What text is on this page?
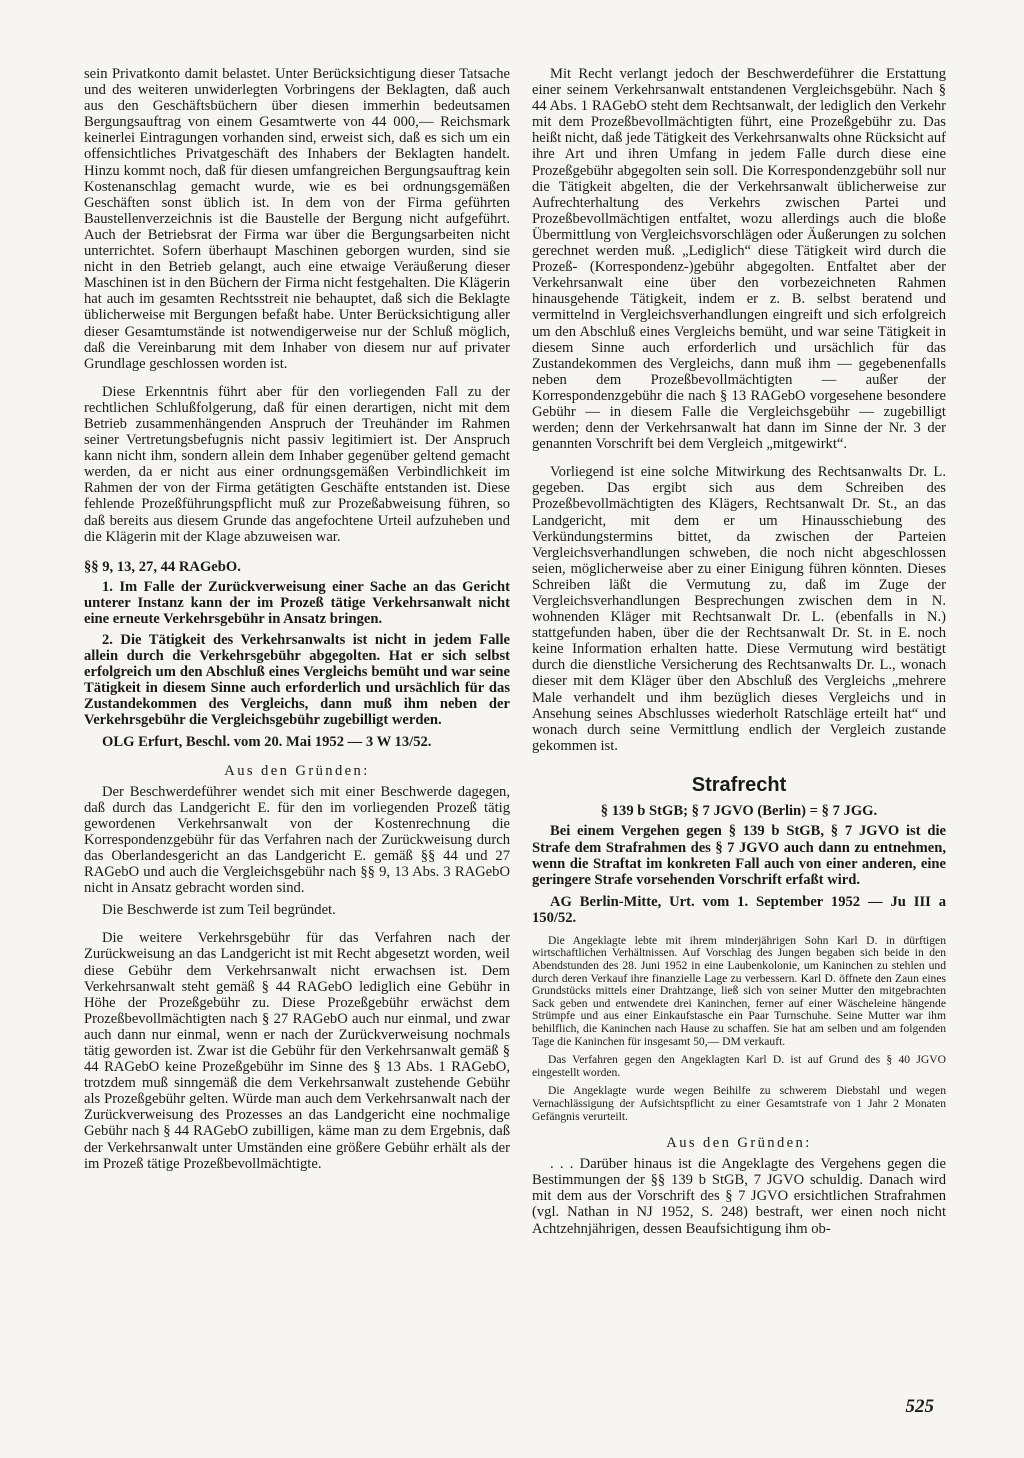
sein Privatkonto damit belastet. Unter Berücksichtigung dieser Tatsache und des weiteren unwiderlegten Vorbringens der Beklagten, daß auch aus den Geschäftsbüchern über diesen immerhin bedeutsamen Bergungsauftrag von einem Gesamtwerte von 44 000,— Reichsmark keinerlei Eintragungen vorhanden sind, erweist sich, daß es sich um ein offensichtliches Privatgeschäft des Inhabers der Beklagten handelt. Hinzu kommt noch, daß für diesen umfangreichen Bergungsauftrag kein Kostenanschlag gemacht wurde, wie es bei ordnungsgemäßen Geschäften sonst üblich ist. In dem von der Firma geführten Baustellenverzeichnis ist die Baustelle der Bergung nicht aufgeführt. Auch der Betriebsrat der Firma war über die Bergungsarbeiten nicht unterrichtet. Sofern überhaupt Maschinen geborgen wurden, sind sie nicht in den Betrieb gelangt, auch eine etwaige Veräußerung dieser Maschinen ist in den Büchern der Firma nicht festgehalten. Die Klägerin hat auch im gesamten Rechtsstreit nie behauptet, daß sich die Beklagte üblicherweise mit Bergungen befaßt habe. Unter Berücksichtigung aller dieser Gesamtumstände ist notwendigerweise nur der Schluß möglich, daß die Vereinbarung mit dem Inhaber von diesem nur auf privater Grundlage geschlossen worden ist.

Diese Erkenntnis führt aber für den vorliegenden Fall zu der rechtlichen Schlußfolgerung, daß für einen derartigen, nicht mit dem Betrieb zusammenhängenden Anspruch der Treuhänder im Rahmen seiner Vertretungsbefugnis nicht passiv legitimiert ist. Der Anspruch kann nicht ihm, sondern allein dem Inhaber gegenüber geltend gemacht werden, da er nicht aus einer ordnungsgemäßen Verbindlichkeit im Rahmen der von der Firma getätigten Geschäfte entstanden ist. Diese fehlende Prozeßführungspflicht muß zur Prozeßabweisung führen, so daß bereits aus diesem Grunde das angefochtene Urteil aufzuheben und die Klägerin mit der Klage abzuweisen war.

§§ 9, 13, 27, 44 RAGebO.

1. Im Falle der Zurückverweisung einer Sache an das Gericht unterer Instanz kann der im Prozeß tätige Verkehrsanwalt nicht eine erneute Verkehrsgebühr in Ansatz bringen.

2. Die Tätigkeit des Verkehrsanwalts ist nicht in jedem Falle allein durch die Verkehrsgebühr abgegolten. Hat er sich selbst erfolgreich um den Abschluß eines Vergleichs bemüht und war seine Tätigkeit in diesem Sinne auch erforderlich und ursächlich für das Zustandekommen des Vergleichs, dann muß ihm neben der Verkehrsgebühr die Vergleichsgebühr zugebilligt werden.

OLG Erfurt, Beschl. vom 20. Mai 1952 — 3 W 13/52.

Aus den Gründen:

Der Beschwerdeführer wendet sich mit einer Beschwerde dagegen, daß durch das Landgericht E. für den im vorliegenden Prozeß tätig gewordenen Verkehrsanwalt von der Kostenrechnung die Korrespondenzgebühr für das Verfahren nach der Zurückweisung durch das Oberlandesgericht an das Landgericht E. gemäß §§ 44 und 27 RAGebO und auch die Vergleichsgebühr nach §§ 9, 13 Abs. 3 RAGebO nicht in Ansatz gebracht worden sind.

Die Beschwerde ist zum Teil begründet.

Die weitere Verkehrsgebühr für das Verfahren nach der Zurückweisung an das Landgericht ist mit Recht abgesetzt worden, weil diese Gebühr dem Verkehrsanwalt nicht erwachsen ist. Dem Verkehrsanwalt steht gemäß § 44 RAGebO lediglich eine Gebühr in Höhe der Prozeßgebühr zu. Diese Prozeßgebühr erwächst dem Prozeßbevollmächtigten nach § 27 RAGebO auch nur einmal, und zwar auch dann nur einmal, wenn er nach der Zurückverweisung nochmals tätig geworden ist. Zwar ist die Gebühr für den Verkehrsanwalt gemäß § 44 RAGebO keine Prozeßgebühr im Sinne des § 13 Abs. 1 RAGebO, trotzdem muß sinngemäß die dem Verkehrsanwalt zustehende Gebühr als Prozeßgebühr gelten. Würde man auch dem Verkehrsanwalt nach der Zurückverweisung des Prozesses an das Landgericht eine nochmalige Gebühr nach § 44 RAGebO zubilligen, käme man zu dem Ergebnis, daß der Verkehrsanwalt unter Umständen eine größere Gebühr erhält als der im Prozeß tätige Prozeßbevollmächtigte.

Mit Recht verlangt jedoch der Beschwerdeführer die Erstattung einer seinem Verkehrsanwalt entstandenen Vergleichsgebühr. Nach § 44 Abs. 1 RAGebO steht dem Rechtsanwalt, der lediglich den Verkehr mit dem Prozeßbevollmächtigten führt, eine Prozeßgebühr zu. Das heißt nicht, daß jede Tätigkeit des Verkehrsanwalts ohne Rücksicht auf ihre Art und ihren Umfang in jedem Falle durch diese eine Prozeßgebühr abgegolten sein soll. Die Korrespondenzgebühr soll nur die Tätigkeit abgelten, die der Verkehrsanwalt üblicherweise zur Aufrechterhaltung des Verkehrs zwischen Partei und Prozeßbevollmächtigen entfaltet, wozu allerdings auch die bloße Übermittlung von Vergleichsvorschlägen oder Äußerungen zu solchen gerechnet werden muß. „Lediglich“ diese Tätigkeit wird durch die Prozeß- (Korrespondenz-)gebühr abgegolten. Entfaltet aber der Verkehrsanwalt eine über den vorbezeichneten Rahmen hinausgehende Tätigkeit, indem er z. B. selbst beratend und vermittelnd in Vergleichsverhandlungen eingreift und sich erfolgreich um den Abschluß eines Vergleichs bemüht, und war seine Tätigkeit in diesem Sinne auch erforderlich und ursächlich für das Zustandekommen des Vergleichs, dann muß ihm — gegebenenfalls neben dem Prozeßbevollmächtigten — außer der Korrespondenzgebühr die nach § 13 RAGebO vorgesehene besondere Gebühr — in diesem Falle die Vergleichsgebühr — zugebilligt werden; denn der Verkehrsanwalt hat dann im Sinne der Nr. 3 der genannten Vorschrift bei dem Vergleich „mitgewirkt“.

Vorliegend ist eine solche Mitwirkung des Rechtsanwalts Dr. L. gegeben. Das ergibt sich aus dem Schreiben des Prozeßbevollmächtigten des Klägers, Rechtsanwalt Dr. St., an das Landgericht, mit dem er um Hinausschiebung des Verkündungstermins bittet, da zwischen der Parteien Vergleichsverhandlungen schweben, die noch nicht abgeschlossen seien, möglicherweise aber zu einer Einigung führen könnten. Dieses Schreiben läßt die Vermutung zu, daß im Zuge der Vergleichsverhandlungen Besprechungen zwischen dem in N. wohnenden Kläger mit Rechtsanwalt Dr. L. (ebenfalls in N.) stattgefunden haben, über die der Rechtsanwalt Dr. St. in E. noch keine Information erhalten hatte. Diese Vermutung wird bestätigt durch die dienstliche Versicherung des Rechtsanwalts Dr. L., wonach dieser mit dem Kläger über den Abschluß des Vergleichs „mehrere Male verhandelt und ihm bezüglich dieses Vergleichs und in Ansehung seines Abschlusses wiederholt Ratschläge erteilt hat“ und wonach durch seine Vermittlung endlich der Vergleich zustande gekommen ist.

Strafrecht

§ 139 b StGB; § 7 JGVO (Berlin) = § 7 JGG.

Bei einem Vergehen gegen § 139 b StGB, § 7 JGVO ist die Strafe dem Strafrahmen des § 7 JGVO auch dann zu entnehmen, wenn die Straftat im konkreten Fall auch von einer anderen, eine geringere Strafe vorsehenden Vorschrift erfaßt wird.

AG Berlin-Mitte, Urt. vom 1. September 1952 — Ju III a 150/52.

Die Angeklagte lebte mit ihrem minderjährigen Sohn Karl D. in dürftigen wirtschaftlichen Verhältnissen. Auf Vorschlag des Jungen begaben sich beide in den Abendstunden des 28. Juni 1952 in eine Laubenkolonie, um Kaninchen zu stehlen und durch deren Verkauf ihre finanzielle Lage zu verbessern. Karl D. öffnete den Zaun eines Grundstücks mittels einer Drahtzange, ließ sich von seiner Mutter den mitgebrachten Sack geben und entwendete drei Kaninchen, ferner auf einer Wäscheleine hängende Strümpfe und aus einer Einkaufstasche ein Paar Turnschuhe. Seine Mutter war ihm behilflich, die Kaninchen nach Hause zu schaffen. Sie hat am selben und am folgenden Tage die Kaninchen für insgesamt 50,— DM verkauft.

Das Verfahren gegen den Angeklagten Karl D. ist auf Grund des § 40 JGVO eingestellt worden.

Die Angeklagte wurde wegen Beihilfe zu schwerem Diebstahl und wegen Vernachlässigung der Aufsichtspflicht zu einer Gesamtstrafe von 1 Jahr 2 Monaten Gefängnis verurteilt.

Aus den Gründen:

. . . Darüber hinaus ist die Angeklagte des Vergehens gegen die Bestimmungen der §§ 139 b StGB, 7 JGVO schuldig. Danach wird mit dem aus der Vorschrift des § 7 JGVO ersichtlichen Strafrahmen (vgl. Nathan in NJ 1952, S. 248) bestraft, wer einen noch nicht Achtzehnjährigen, dessen Beaufsichtigung ihm ob-

525
